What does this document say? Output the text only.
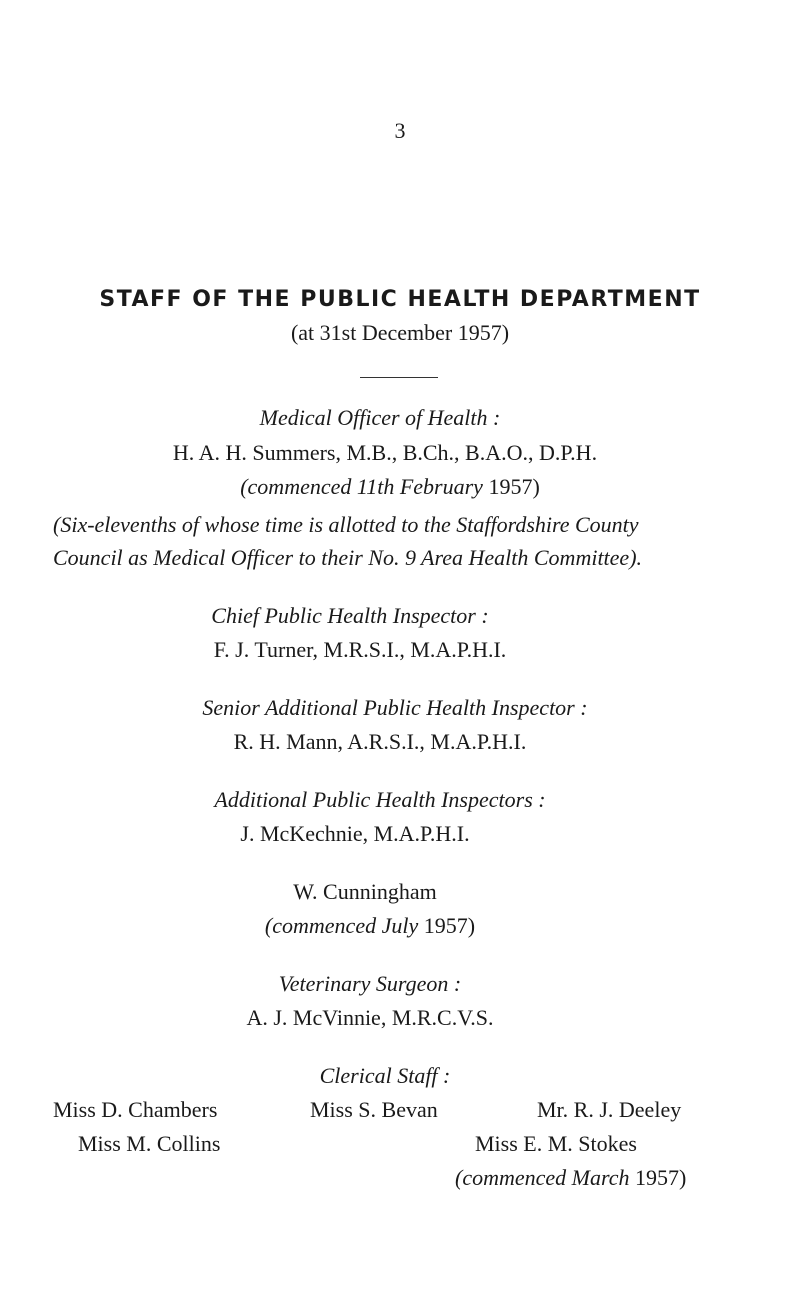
3
STAFF OF THE PUBLIC HEALTH DEPARTMENT
(at 31st December 1957)
Medical Officer of Health :
H. A. H. Summers, M.B., B.Ch., B.A.O., D.P.H.
(commenced 11th February 1957)
(Six-elevenths of whose time is allotted to the Staffordshire County
Council as Medical Officer to their No. 9 Area Health Committee).
Chief Public Health Inspector :
F. J. Turner, M.R.S.I., M.A.P.H.I.
Senior Additional Public Health Inspector :
R. H. Mann, A.R.S.I., M.A.P.H.I.
Additional Public Health Inspectors :
J. McKechnie, M.A.P.H.I.
W. Cunningham
(commenced July 1957)
Veterinary Surgeon :
A. J. McVinnie, M.R.C.V.S.
Clerical Staff :
Miss D. Chambers	Miss S. Bevan	Mr. R. J. Deeley
Miss M. Collins	Miss E. M. Stokes
(commenced March 1957)
